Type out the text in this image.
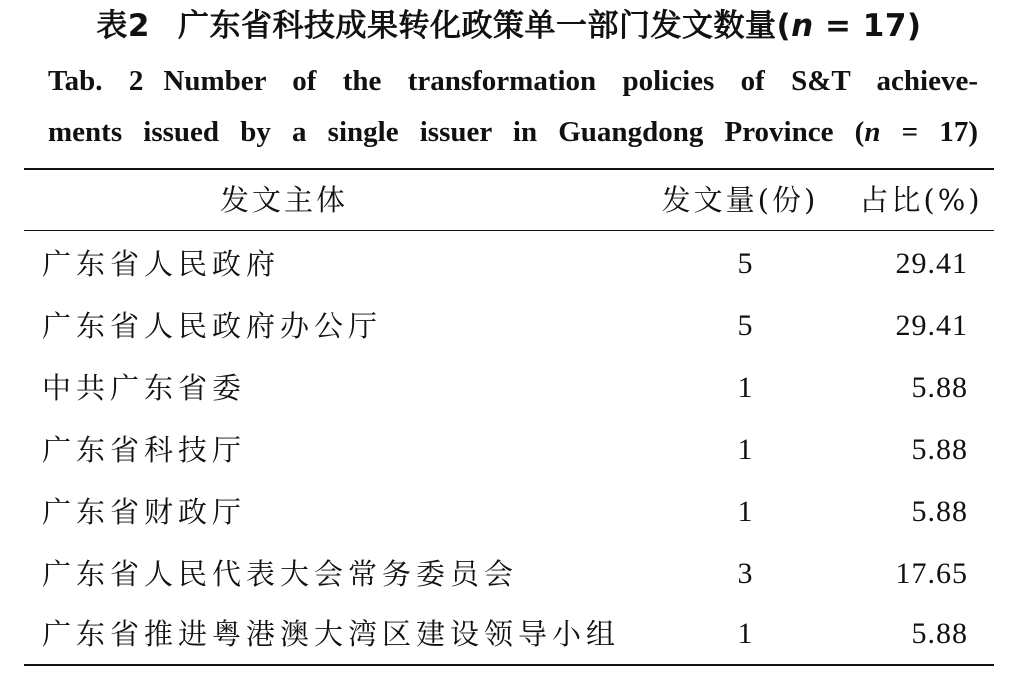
表2 广东省科技成果转化政策单一部门发文数量(n = 17)
Tab. 2 Number of the transformation policies of S&T achieve-
ments issued by a single issuer in Guangdong Province (n = 17)
发文主体	发文量(份)	占比(%)
广东省人民政府	5	29.41
广东省人民政府办公厅	5	29.41
中共广东省委	1	5.88
广东省科技厅	1	5.88
广东省财政厅	1	5.88
广东省人民代表大会常务委员会	3	17.65
广东省推进粤港澳大湾区建设领导小组	1	5.88
